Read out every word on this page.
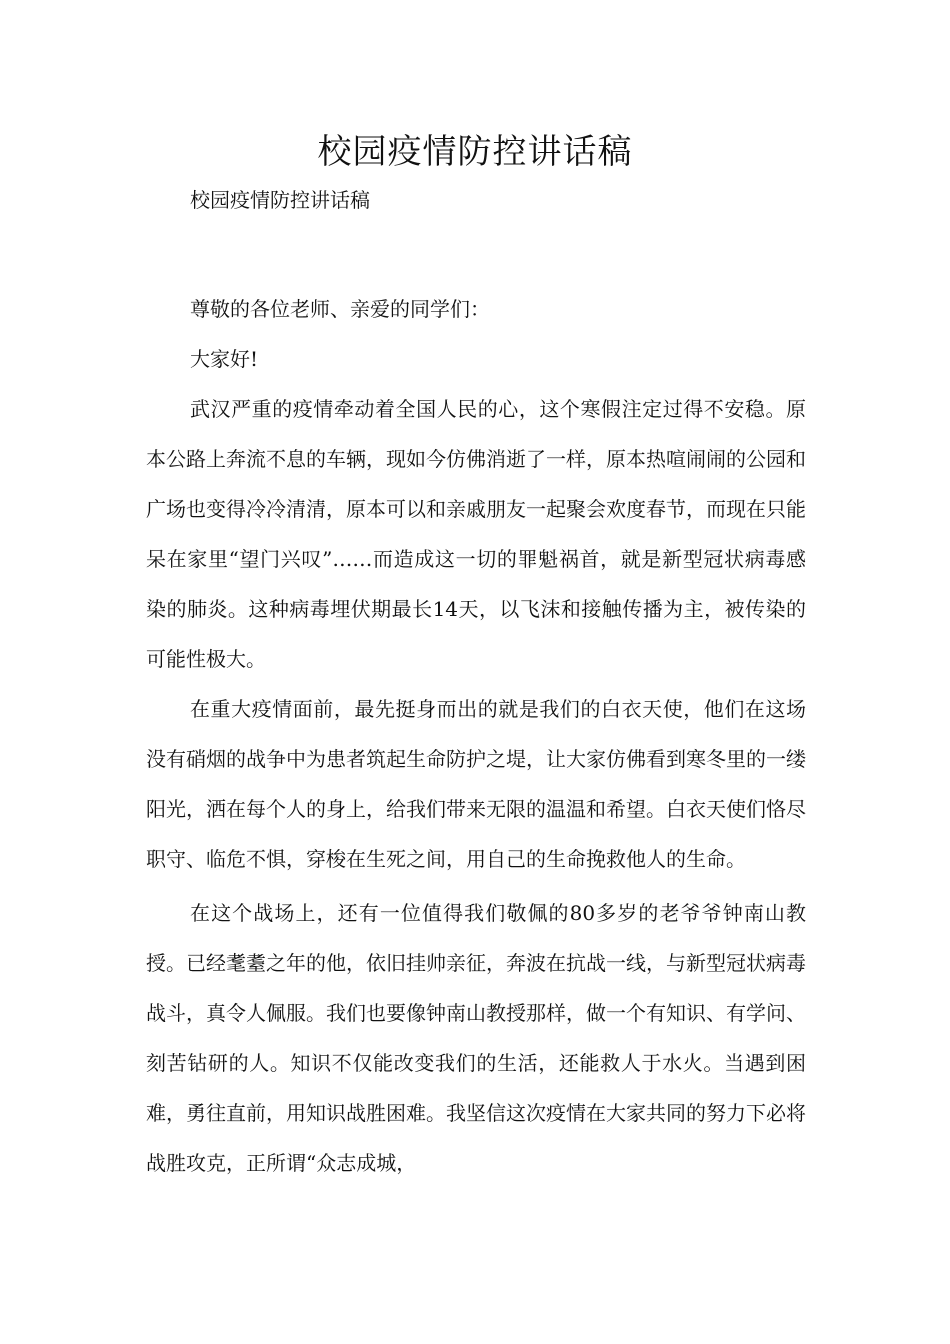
校园疫情防控讲话稿
校园疫情防控讲话稿

尊敬的各位老师、亲爱的同学们：

大家好!

武汉严重的疫情牵动着全国人民的心，这个寒假注定过得不安稳。原本公路上奔流不息的车辆，现如今仿佛消逝了一样，原本热喧闹闹的公园和广场也变得冷冷清清，原本可以和亲戚朋友一起聚会欢度春节，而现在只能呆在家里“望门兴叹”……而造成这一切的罪魁祸首，就是新型冠状病毒感染的肺炎。这种病毒埋伏期最长14天，以飞沫和接触传播为主，被传染的可能性极大。

在重大疫情面前，最先挺身而出的就是我们的白衣天使，他们在这场没有硝烟的战争中为患者筑起生命防护之堤，让大家仿佛看到寒冬里的一缕阳光，洒在每个人的身上，给我们带来无限的温温和希望。白衣天使们恪尽职守、临危不惧，穿梭在生死之间，用自己的生命挽救他人的生命。

在这个战场上，还有一位值得我们敬佩的80多岁的老爷爷钟南山教授。已经耄耋之年的他，依旧挂帅亲征，奔波在抗战一线，与新型冠状病毒战斗，真令人佩服。我们也要像钟南山教授那样，做一个有知识、有学问、刻苦钻研的人。知识不仅能改变我们的生活，还能救人于水火。当遇到困难，勇往直前，用知识战胜困难。我坚信这次疫情在大家共同的努力下必将战胜攻克，正所谓“众志成城，
